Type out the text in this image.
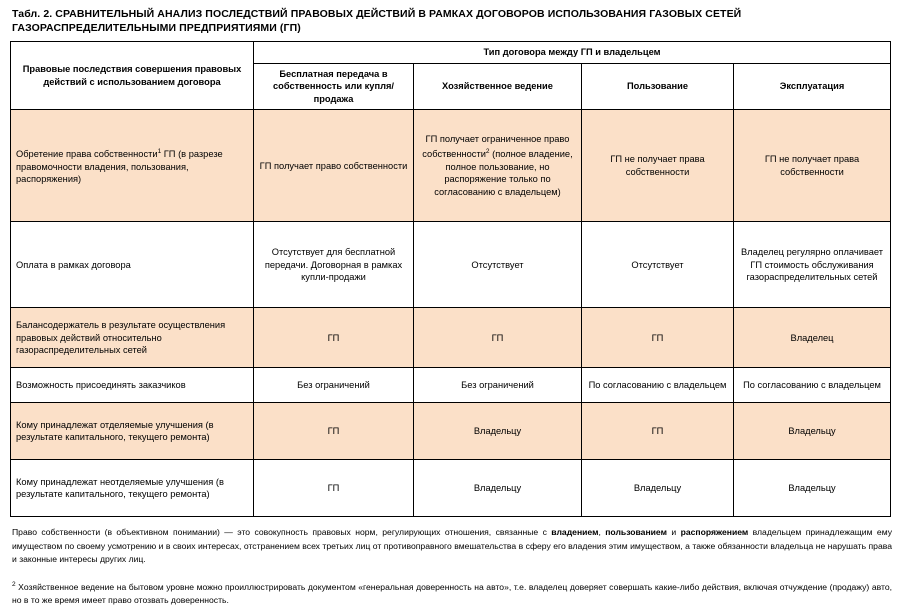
Табл. 2. СРАВНИТЕЛЬНЫЙ АНАЛИЗ ПОСЛЕДСТВИЙ ПРАВОВЫХ ДЕЙСТВИЙ В РАМКАХ ДОГОВОРОВ ИСПОЛЬЗОВАНИЯ ГАЗОВЫХ СЕТЕЙ ГАЗОРАСПРЕДЕЛИТЕЛЬНЫМИ ПРЕДПРИЯТИЯМИ (ГП)
Правовые последствия совершения правовых действий с использованием договора	Тип договора между ГП и владельцем			
	Бесплатная передача в собственность или купля/продажа	Хозяйственное ведение	Пользование	Эксплуатация
Обретение права собственности$^1$ ГП (в разрезе правомочности владения, пользования, распоряжения)	ГП получает право собственности	ГП получает ограниченное право собственности$^2$ (полное владение, полное пользование, но распоряжение только по согласованию с владельцем)	ГП не получает права собственности	ГП не получает права собственности
Оплата в рамках договора	Отсутствует для бесплатной передачи. Договорная в рамках купли-продажи	Отсутствует	Отсутствует	Владелец регулярно оплачивает ГП стоимость обслуживания газораспределительных сетей
Балансодержатель в результате осуществления правовых действий относительно газораспределительных сетей	ГП	ГП	ГП	Владелец
Возможность присоединять заказчиков	Без ограничений	Без ограничений	По согласованию с владельцем	По согласованию с владельцем
Кому принадлежат отделяемые улучшения (в результате капитального, текущего ремонта)	ГП	Владельцу	ГП	Владельцу
Кому принадлежат неотделяемые улучшения (в результате капитального, текущего ремонта)	ГП	Владельцу	Владельцу	Владельцу
Право собственности (в объективном понимании) — это совокупность правовых норм, регулирующих отношения, связанные с владением, пользованием и распоряжением владельцем принадлежащим ему имуществом по своему усмотрению и в своих интересах, отстранением всех третьих лиц от противоправного вмешательства в сферу его владения этим имуществом, а также обязанности владельца не нарушать права и законные интересы других лиц.
$^2$ Хозяйственное ведение на бытовом уровне можно проиллюстрировать документом «генеральная доверенность на авто», т.е. владелец доверяет совершать какие-либо действия, включая отчуждение (продажу) авто, но в то же время имеет право отозвать доверенность.
